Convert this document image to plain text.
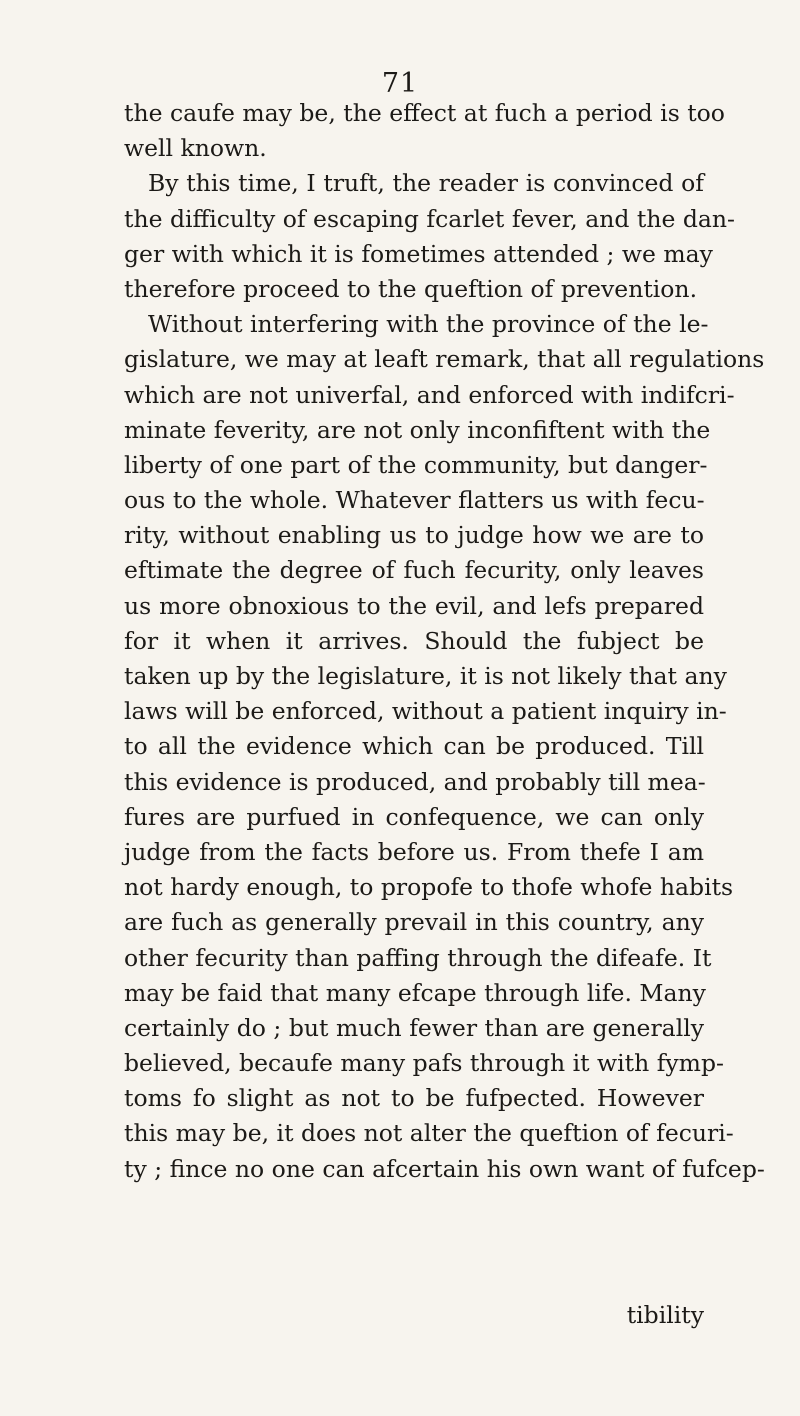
71
the caufe may be, the effect at fuch a period is too
well known.
By this time, I truft, the reader is convinced of
the difficulty of escaping fcarlet fever, and the dan-
ger with which it is fometimes attended ; we may
therefore proceed to the queftion of prevention.
Without interfering with the province of the le-
gislature, we may at leaft remark, that all regulations
which are not univerfal, and enforced with indifcri-
minate feverity, are not only inconfiftent with the
liberty of one part of the community, but danger-
ous to the whole. Whatever flatters us with fecu-
rity, without enabling us to judge how we are to
eftimate the degree of fuch fecurity, only leaves
us more obnoxious to the evil, and lefs prepared
for it when it arrives. Should the fubject be
taken up by the legislature, it is not likely that any
laws will be enforced, without a patient inquiry in-
to all the evidence which can be produced. Till
this evidence is produced, and probably till mea-
fures are purfued in confequence, we can only
judge from the facts before us. From thefe I am
not hardy enough, to propofe to thofe whofe habits
are fuch as generally prevail in this country, any
other fecurity than paffing through the difeafe. It
may be faid that many efcape through life. Many
certainly do ; but much fewer than are generally
believed, becaufe many pafs through it with fymp-
toms fo slight as not to be fufpected. However
this may be, it does not alter the queftion of fecuri-
ty ; fince no one can afcertain his own want of fufcep-
tibility
